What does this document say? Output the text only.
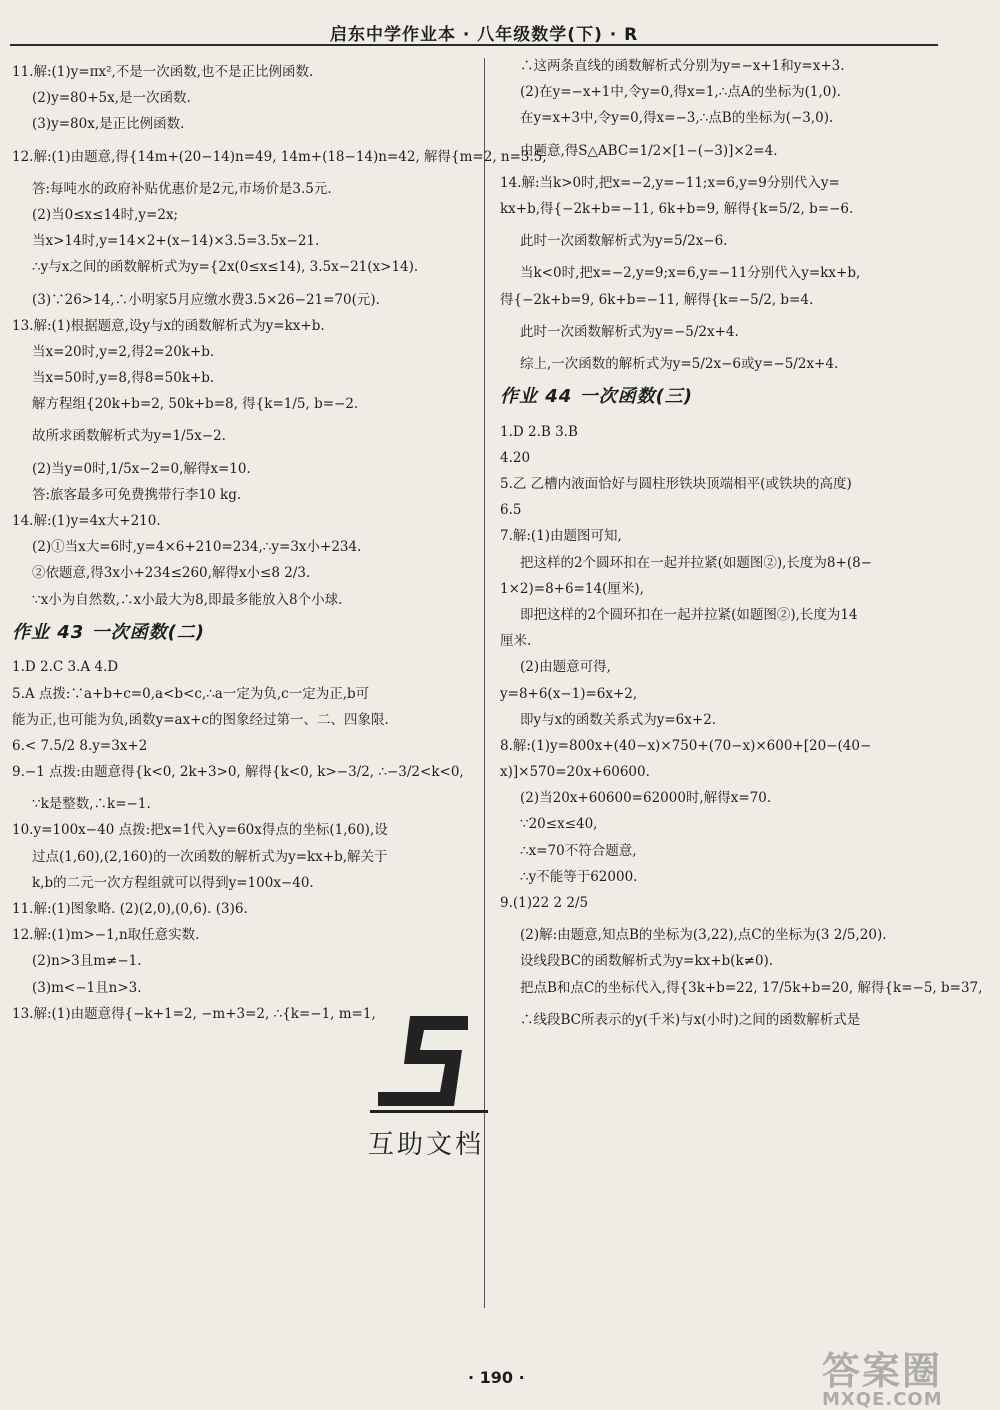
启东中学作业本 · 八年级数学(下) · R
11.解:(1)y=πx²,不是一次函数,也不是正比例函数.
(2)y=80+5x,是一次函数.
(3)y=80x,是正比例函数.
12.解:(1)由题意,得{14m+(20−14)n=49, 14m+(18−14)n=42, 解得{m=2, n=3.5,
答:每吨水的政府补贴优惠价是2元,市场价是3.5元.
(2)当0≤x≤14时,y=2x;
当x>14时,y=14×2+(x−14)×3.5=3.5x−21.
∴y与x之间的函数解析式为y={2x(0≤x≤14), 3.5x−21(x>14).
(3)∵26>14,∴小明家5月应缴水费3.5×26−21=70(元).
13.解:(1)根据题意,设y与x的函数解析式为y=kx+b.
当x=20时,y=2,得2=20k+b.
当x=50时,y=8,得8=50k+b.
解方程组{20k+b=2, 50k+b=8, 得{k=1/5, b=−2.
故所求函数解析式为y=1/5x−2.
(2)当y=0时,1/5x−2=0,解得x=10.
答:旅客最多可免费携带行李10 kg.
14.解:(1)y=4x大+210.
(2)①当x大=6时,y=4×6+210=234,∴y=3x小+234.
②依题意,得3x小+234≤260,解得x小≤8 2/3.
∵x小为自然数,∴x小最大为8,即最多能放入8个小球.
作业 43 一次函数(二)
1.D 2.C 3.A 4.D
5.A 点拨:∵a+b+c=0,a<b<c,∴a一定为负,c一定为正,b可
能为正,也可能为负,函数y=ax+c的图象经过第一、二、四象限.
6.< 7.5/2 8.y=3x+2
9.−1 点拨:由题意得{k<0, 2k+3>0, 解得{k<0, k>−3/2, ∴−3/2<k<0,
∵k是整数,∴k=−1.
10.y=100x−40 点拨:把x=1代入y=60x得点的坐标(1,60),设
过点(1,60),(2,160)的一次函数的解析式为y=kx+b,解关于
k,b的二元一次方程组就可以得到y=100x−40.
11.解:(1)图象略. (2)(2,0),(0,6). (3)6.
12.解:(1)m>−1,n取任意实数.
(2)n>3且m≠−1.
(3)m<−1且n>3.
13.解:(1)由题意得{−k+1=2, −m+3=2, ∴{k=−1, m=1,
∴这两条直线的函数解析式分别为y=−x+1和y=x+3.
(2)在y=−x+1中,令y=0,得x=1,∴点A的坐标为(1,0).
在y=x+3中,令y=0,得x=−3,∴点B的坐标为(−3,0).
由题意,得S△ABC=1/2×[1−(−3)]×2=4.
14.解:当k>0时,把x=−2,y=−11;x=6,y=9分别代入y=
kx+b,得{−2k+b=−11, 6k+b=9, 解得{k=5/2, b=−6.
此时一次函数解析式为y=5/2x−6.
当k<0时,把x=−2,y=9;x=6,y=−11分别代入y=kx+b,
得{−2k+b=9, 6k+b=−11, 解得{k=−5/2, b=4.
此时一次函数解析式为y=−5/2x+4.
综上,一次函数的解析式为y=5/2x−6或y=−5/2x+4.
作业 44 一次函数(三)
1.D 2.B 3.B
4.20
5.乙 乙槽内液面恰好与圆柱形铁块顶端相平(或铁块的高度)
6.5
7.解:(1)由题图可知,
把这样的2个圆环扣在一起并拉紧(如题图②),长度为8+(8−
1×2)=8+6=14(厘米),
即把这样的2个圆环扣在一起并拉紧(如题图②),长度为14
厘米.
(2)由题意可得,
y=8+6(x−1)=6x+2,
即y与x的函数关系式为y=6x+2.
8.解:(1)y=800x+(40−x)×750+(70−x)×600+[20−(40−
x)]×570=20x+60600.
(2)当20x+60600=62000时,解得x=70.
∵20≤x≤40,
∴x=70不符合题意,
∴y不能等于62000.
9.(1)22 2 2/5
(2)解:由题意,知点B的坐标为(3,22),点C的坐标为(3 2/5,20).
设线段BC的函数解析式为y=kx+b(k≠0).
把点B和点C的坐标代入,得{3k+b=22, 17/5k+b=20, 解得{k=−5, b=37,
∴线段BC所表示的y(千米)与x(小时)之间的函数解析式是
互助文档
· 190 ·	答案圈
MXQE.COM
